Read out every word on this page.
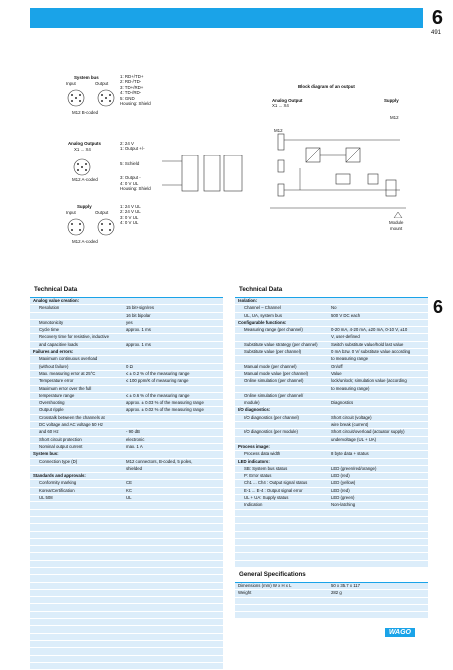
6
491
6
System bus
Input	Output
M12 B-coded
1: RD+/TD+
2: RD-/TD-
3: TD+/RD+
4: TD-/RD-
5: GND
Housing: Shield
Analog Outputs
X1 ... X4
M12 A-coded
2: 24 V
1: Output +/-
5: Schield
3: Output -
4: 0 V UL
Housing: Shield
Supply
Input	Output
M12 A-coded
1: 24 V UL
2: 24 V UL
3: 0 V UL
4: 0 V UL
Block diagram of an output
Analog Output
X1 ... X4
Supply
M12
M12
Module
mount
Technical Data
Analog value creation:
Resolution	15 bit+sign/res
16 bit bipolar
Monotonicity	yes
Cycle time	approx. 1 ms
Recovery time for resistive, inductive
and capacitive loads	approx. 1 ms
Failures and errors:
Maximum continuous overload
(without failure)	0 Ω
Max. measuring error at 25°C	≤ ± 0.2 % of the measuring range
Temperature error	≤ 100 ppm/K of measuring range
Maximum error over the full
temperature range	≤ ± 0.6 % of the measuring range
Overshooting	approx. ± 0.03 % of the measuring range
Output ripple	approx. ± 0.02 % of the measuring range
Crosstalk between the channels at
DC voltage and AC voltage 50 Hz
and 60 Hz	- 90 dB
Short circuit protection	electronic
Nominal output current	max. 1 A
System bus:
Connection type (D)	M12 connectors, B-coded, 5 poles,
shielded
Standards and approvals:
Conformity marking	CE
KorearCertification	KC
UL 508	UL
Technical Data
Isolation:
Channel – Channel	No
UL, UA, system bus	500 V DC each
Configurable functions:
Measuring range (per channel)	0-20 mA, 4-20 mA, ±20 mA, 0-10 V, ±10
V, user-defined
Substitute value strategy (per channel)	Switch substitute value/hold last value
Substitute value (per channel)	0 mA bzw. 0 V/ substitute value according
to measuring range
Manual mode (per channel)	On/off
Manual mode value (per channel)	Value
Online simulation (per channel)	lock/unlock; simulation value (according
to measuring range)
Online simulation (per channel/
module)	Diagnostics
I/O diagnostics:
I/O diagnostics (per channel)	Short circuit (voltage)
wire break (current)
I/O diagnostics (per module)	Short circuit/overload (actuator supply)
undervoltage (UL + UA)
Process image:
Process data width	8 byte data + status
LED indicators:
SB: System bus status	LED (green/red/orange)
P: Error status	LED (red)
Ch1 ... Ch4 : Output signal status	LED (yellow)
E-1 ... E-4 : Output signal error	LED (red)
UL + UA: Supply status	LED (green)
Indication	Non-latching
General Specifications
Dimensions (mm) W x H x L	50 x 35.7 x 117
Weight	282 g
WAGO
